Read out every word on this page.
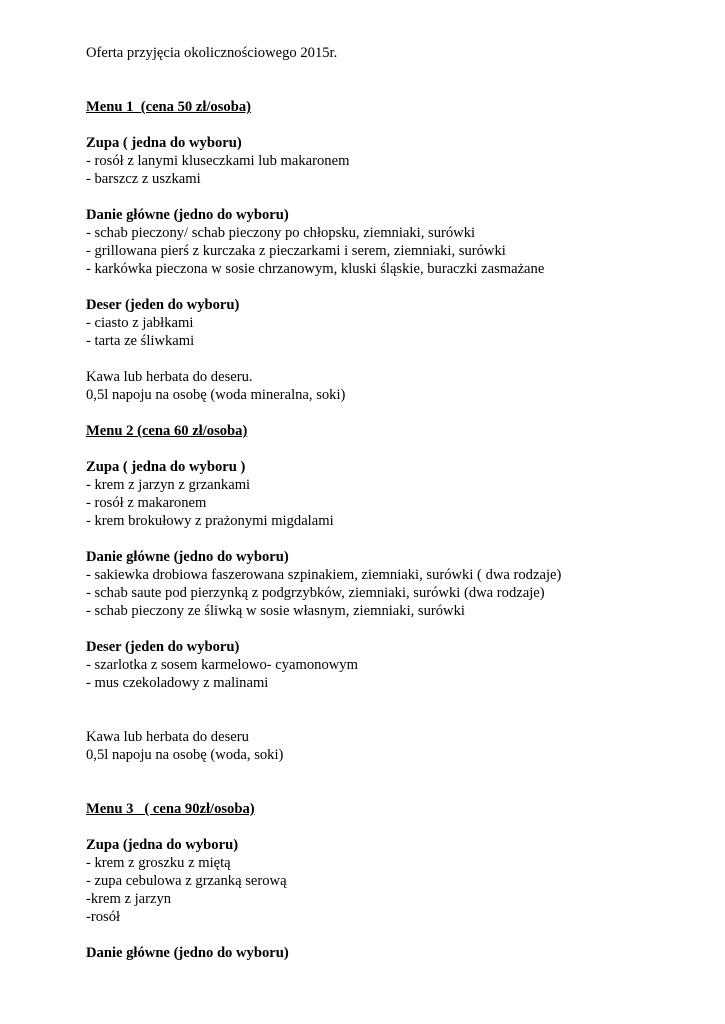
Oferta przyjęcia okolicznościowego 2015r.
Menu 1  (cena 50 zł/osoba)
Zupa ( jedna do wyboru)
- rosół z lanymi kluseczkami lub makaronem
- barszcz z uszkami
Danie główne (jedno do wyboru)
- schab pieczony/ schab pieczony po chłopsku, ziemniaki, surówki
- grillowana pierś z kurczaka z pieczarkami i serem, ziemniaki, surówki
- karkówka pieczona w sosie chrzanowym, kluski śląskie, buraczki zasmażane
Deser (jeden do wyboru)
- ciasto z jabłkami
- tarta ze śliwkami
Kawa lub herbata do deseru.
0,5l napoju na osobę (woda mineralna, soki)
Menu 2 (cena 60 zł/osoba)
Zupa ( jedna do wyboru )
- krem z jarzyn z grzankami
- rosół z makaronem
- krem brokułowy z prażonymi migdalami
Danie główne (jedno do wyboru)
- sakiewka drobiowa faszerowana szpinakiem, ziemniaki, surówki ( dwa rodzaje)
- schab saute pod pierzynką z podgrzybków, ziemniaki, surówki (dwa rodzaje)
- schab pieczony ze śliwką w sosie własnym, ziemniaki, surówki
Deser (jeden do wyboru)
- szarlotka z sosem karmelowo- cyamonowym
- mus czekoladowy z malinami
Kawa lub herbata do deseru
0,5l napoju na osobę (woda, soki)
Menu 3   ( cena 90zł/osoba)
Zupa (jedna do wyboru)
- krem z groszku z miętą
- zupa cebulowa z grzanką serową
-krem z jarzyn
-rosół
Danie główne (jedno do wyboru)
